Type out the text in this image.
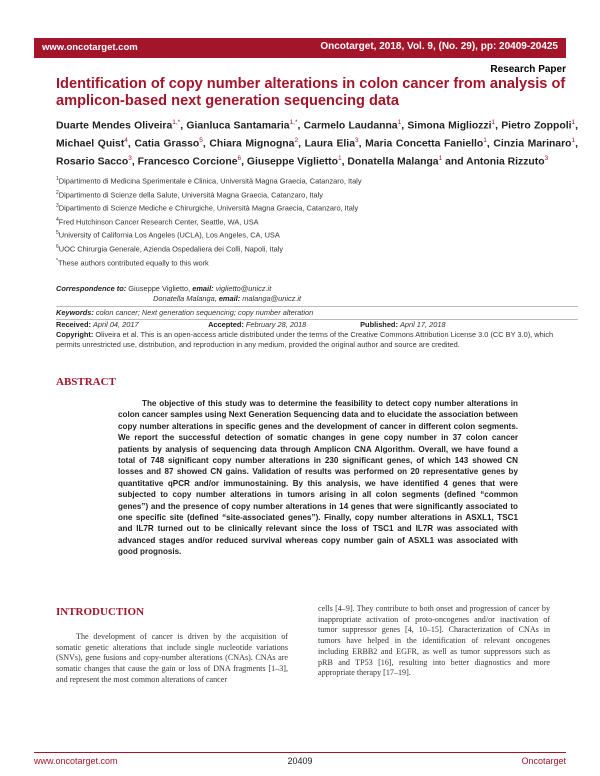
www.oncotarget.com	Oncotarget, 2018, Vol. 9, (No. 29), pp: 20409-20425
Research Paper
Identification of copy number alterations in colon cancer from analysis of amplicon-based next generation sequencing data
Duarte Mendes Oliveira$^{1,*}$, Gianluca Santamaria$^{1,*}$, Carmelo Laudanna$^1$, Simona Migliozzi$^1$, Pietro Zoppoli$^1$, Michael Quist$^4$, Catia Grasso$^5$, Chiara Mignogna$^2$, Laura Elia$^3$, Maria Concetta Faniello$^1$, Cinzia Marinaro$^1$, Rosario Sacco$^3$, Francesco Corcione$^6$, Giuseppe Viglietto$^1$, Donatella Malanga$^1$ and Antonia Rizzuto$^3$
$^1$Dipartimento di Medicina Sperimentale e Clinica, Università Magna Graecia, Catanzaro, Italy
$^2$Dipartimento di Scienze della Salute, Università Magna Graecia, Catanzaro, Italy
$^3$Dipartimento di Scienze Mediche e Chirurgiche, Università Magna Graecia, Catanzaro, Italy
$^4$Fred Hutchinson Cancer Research Center, Seattle, WA, USA
$^5$University of California Los Angeles (UCLA), Los Angeles, CA, USA
$^6$UOC Chirurgia Generale, Azienda Ospedaliera dei Colli, Napoli, Italy
*These authors contributed equally to this work
Correspondence to: Giuseppe Viglietto, email: viglietto@unicz.it
Donatella Malanga, email: malanga@unicz.it
Keywords: colon cancer; Next generation sequencing; copy number alteration
Received: April 04, 2017	Accepted: February 28, 2018	Published: April 17, 2018
Copyright: Oliveira et al. This is an open-access article distributed under the terms of the Creative Commons Attribution License 3.0 (CC BY 3.0), which permits unrestricted use, distribution, and reproduction in any medium, provided the original author and source are credited.
ABSTRACT
The objective of this study was to determine the feasibility to detect copy number alterations in colon cancer samples using Next Generation Sequencing data and to elucidate the association between copy number alterations in specific genes and the development of cancer in different colon segments. We report the successful detection of somatic changes in gene copy number in 37 colon cancer patients by analysis of sequencing data through Amplicon CNA Algorithm. Overall, we have found a total of 748 significant copy number alterations in 230 significant genes, of which 143 showed CN losses and 87 showed CN gains. Validation of results was performed on 20 representative genes by quantitative qPCR and/or immunostaining. By this analysis, we have identified 4 genes that were subjected to copy number alterations in tumors arising in all colon segments (defined “common genes”) and the presence of copy number alterations in 14 genes that were significantly associated to one specific site (defined “site-associated genes”). Finally, copy number alterations in ASXL1, TSC1 and IL7R turned out to be clinically relevant since the loss of TSC1 and IL7R was associated with advanced stages and/or reduced survival whereas copy number gain of ASXL1 was associated with good prognosis.
INTRODUCTION
The development of cancer is driven by the acquisition of somatic genetic alterations that include single nucleotide variations (SNVs), gene fusions and copy-number alterations (CNAs). CNAs are somatic changes that cause the gain or loss of DNA fragments [1–3], and represent the most common alterations of cancer
cells [4–9]. They contribute to both onset and progression of cancer by inappropriate activation of proto-oncogenes and/or inactivation of tumor suppressor genes [4, 10–15]. Characterization of CNAs in tumors have helped in the identification of relevant oncogenes including ERBB2 and EGFR, as well as tumor suppressors such as pRB and TP53 [16], resulting into better diagnostics and more appropriate therapy [17–19].
www.oncotarget.com	20409	Oncotarget
